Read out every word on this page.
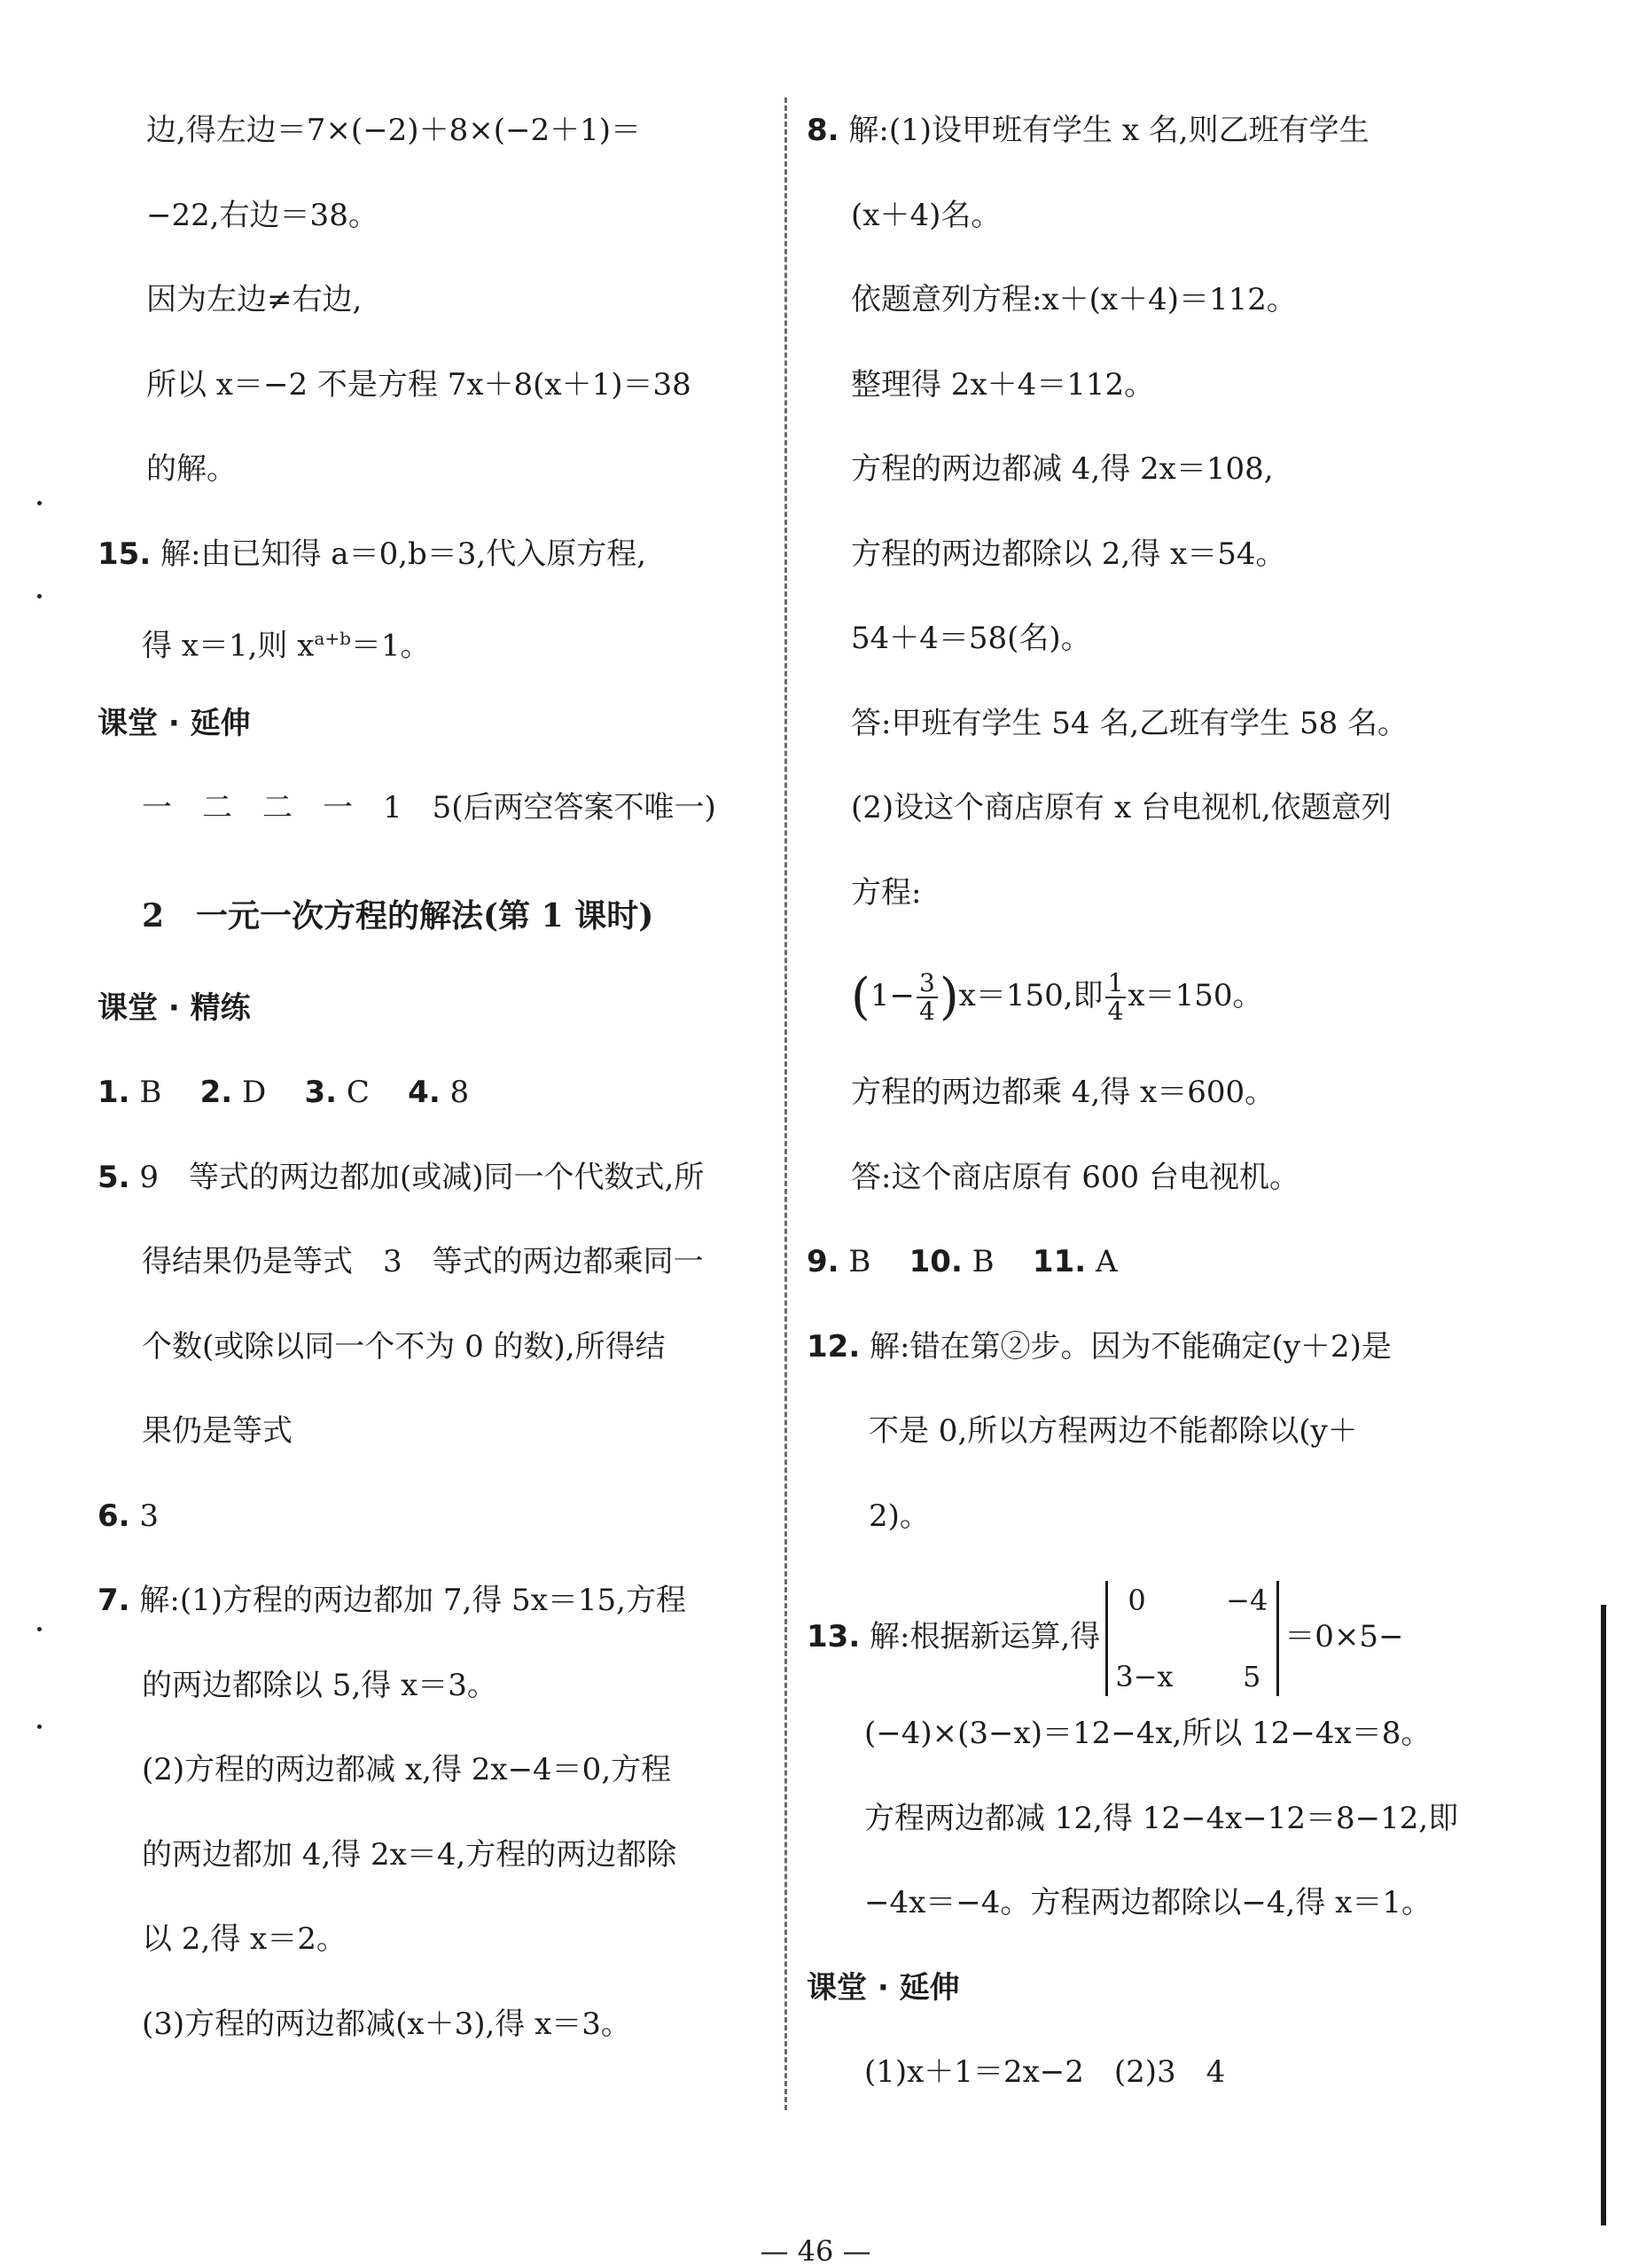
边,得左边＝7×(−2)＋8×(−2＋1)＝
−22,右边＝38。
因为左边≠右边,
所以 x＝−2 不是方程 7x＋8(x＋1)＝38
的解。
15. 解:由已知得 a＝0,b＝3,代入原方程,
得 x＝1,则 $x^{a+b}=1$。
课堂 · 延伸
一　二　二　一　1　5(后两空答案不唯一)
2　一元一次方程的解法(第 1 课时)
课堂 · 精练
1. B 2. D 3. C 4. 8
5. 9　等式的两边都加(或减)同一个代数式,所
得结果仍是等式　3　等式的两边都乘同一
个数(或除以同一个不为 0 的数),所得结
果仍是等式
6. 3
7. 解:(1)方程的两边都加 7,得 5x＝15,方程
的两边都除以 5,得 x＝3。
(2)方程的两边都减 x,得 2x−4＝0,方程
的两边都加 4,得 2x＝4,方程的两边都除
以 2,得 x＝2。
(3)方程的两边都减(x＋3),得 x＝3。
8. 解:(1)设甲班有学生 x 名,则乙班有学生
(x＋4)名。
依题意列方程:x＋(x＋4)＝112。
整理得 2x＋4＝112。
方程的两边都减 4,得 2x＝108,
方程的两边都除以 2,得 x＝54。
54＋4＝58(名)。
答:甲班有学生 54 名,乙班有学生 58 名。
(2)设这个商店原有 x 台电视机,依题意列
方程:
$(1- \frac{3}{4} )x=150$,即 $\frac{1}{4} x=150$。
方程的两边都乘 4,得 x＝600。
答:这个商店原有 600 台电视机。
9. B 10. B 11. A
12. 解:错在第②步。因为不能确定(y＋2)是
不是 0,所以方程两边不能都除以(y＋
2)。
13. 解:根据新运算,得
0	−4
3−x 5
＝0×5−
(−4)×(3−x)＝12−4x,所以 12−4x＝8。
方程两边都减 12,得 12−4x−12＝8−12,即
−4x＝−4。方程两边都除以−4,得 x＝1。
课堂 · 延伸
(1)x＋1＝2x−2　(2)3　4
— 46 —
